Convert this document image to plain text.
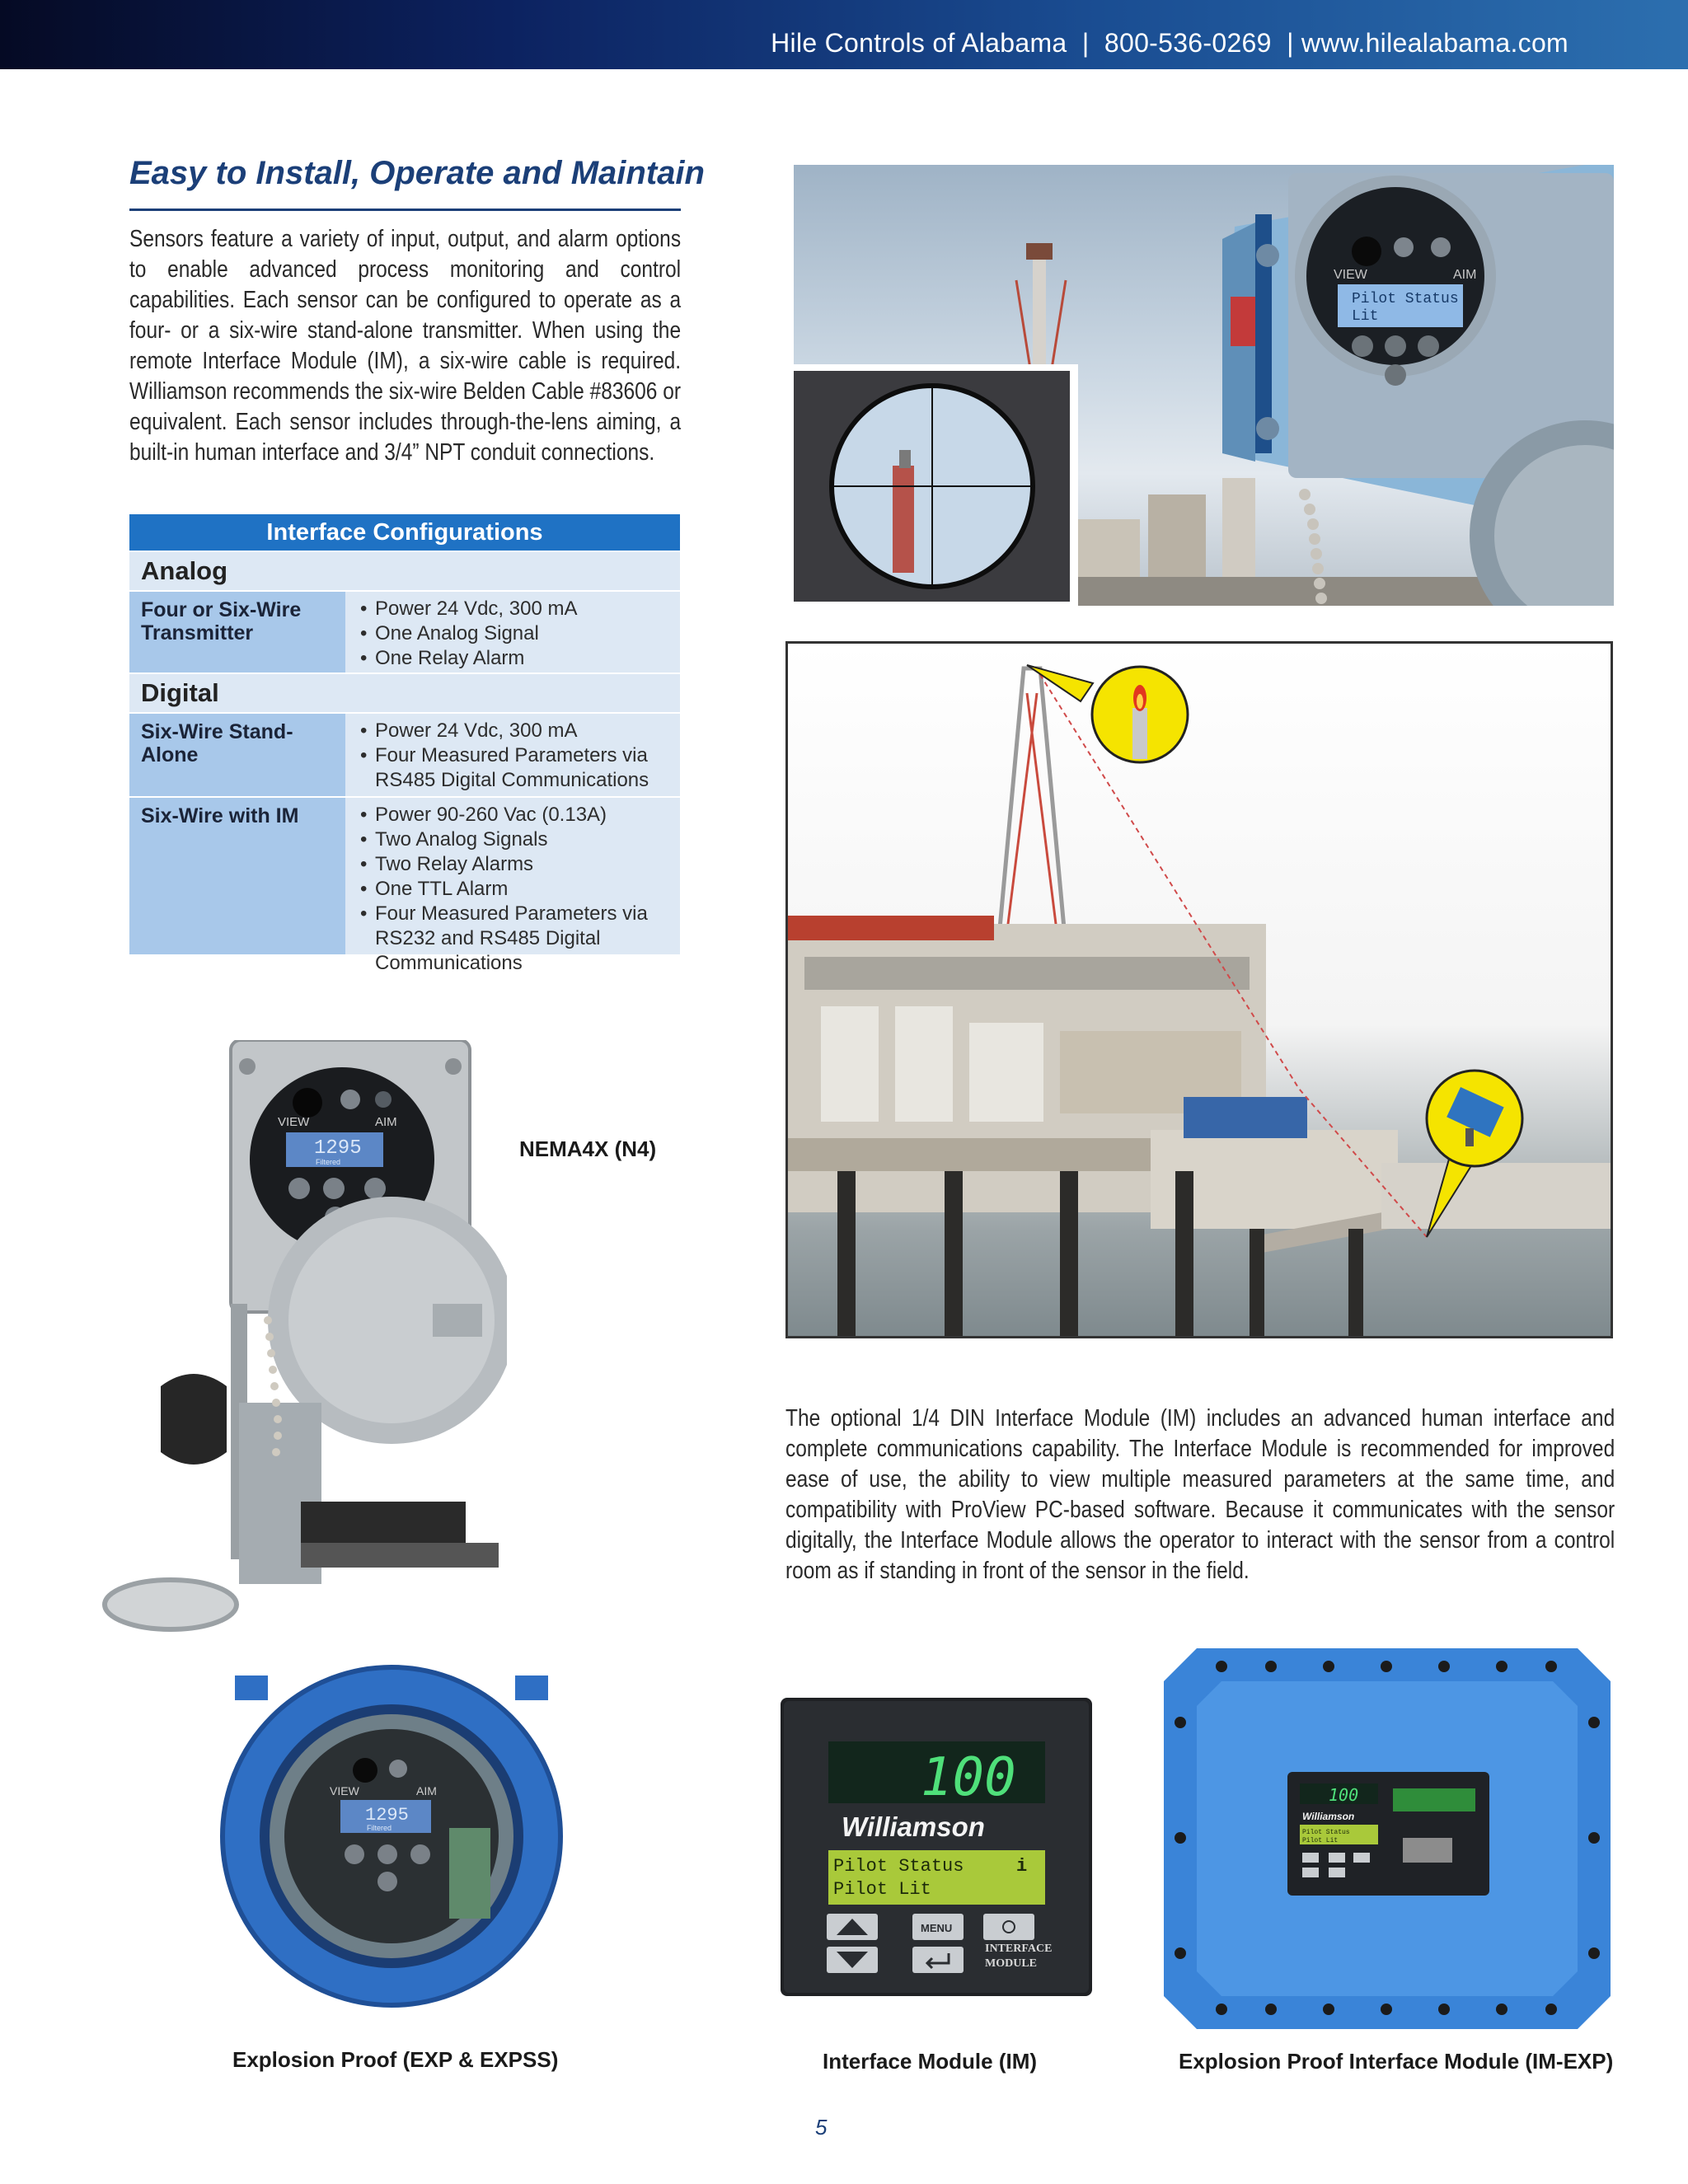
Hile Controls of Alabama  |  800-536-0269  | www.hilealabama.com
Easy to Install, Operate and Maintain
Sensors feature a variety of input, output, and alarm options to enable advanced process monitoring and control capabilities. Each sensor can be configured to operate as a four- or a six-wire stand-alone transmitter. When using the remote Interface Module (IM), a six-wire cable is required. Williamson recommends the six-wire Belden Cable #83606 or equivalent. Each sensor includes through-the-lens aiming, a built-in human interface and 3/4” NPT conduit connections.
Interface Configurations
Analog
Four or Six-Wire Transmitter
• Power 24 Vdc, 300 mA
• One Analog Signal
• One Relay Alarm
Digital
Six-Wire Stand-Alone
• Power 24 Vdc, 300 mA
• Four Measured Parameters via RS485 Digital Communications
Six-Wire with IM
•	Power 90-260 Vac (0.13A)
• Two Analog Signals
• Two Relay Alarms
• One TTL Alarm
• Four Measured Parameters via RS232 and RS485 Digital Communications
Pilot Status
Lit
VIEW	AIM
VIEW	AIM
1295
Filtered
NEMA4X (N4)
The optional 1/4 DIN Interface Module (IM) includes an advanced human interface and complete communications capability. The Interface Module is recommended for improved ease of use, the ability to view multiple measured parameters at the same time, and compatibility with ProView PC-based software. Because it communicates with the sensor digitally, the Interface Module allows the operator to interact with the sensor from a control room as if standing in front of the sensor in the field.
VIEW	AIM
1295
Filtered
Explosion Proof (EXP & EXPSS)
100
Williamson
Pilot Status
Pilot Lit
i
MENU
INTERFACE
MODULE
Interface Module (IM)
100
Williamson
Pilot Status
Pilot Lit
Explosion Proof Interface Module (IM-EXP)
5
